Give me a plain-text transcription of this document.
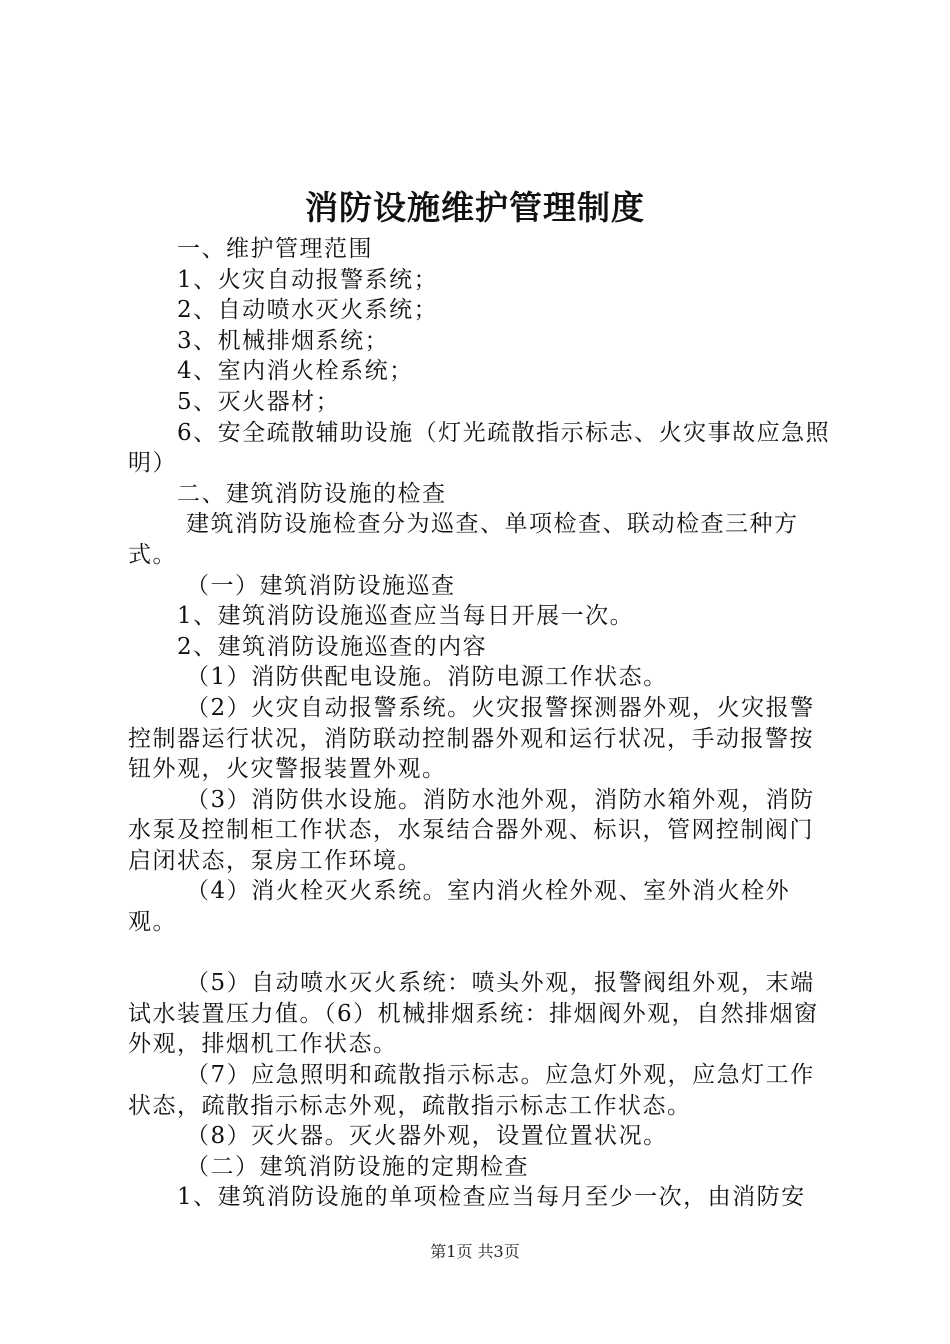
消防设施维护管理制度

一、维护管理范围

1、火灾自动报警系统；

2、自动喷水灭火系统；

3、机械排烟系统；

4、室内消火栓系统；

5、灭火器材；

6、安全疏散辅助设施（灯光疏散指示标志、火灾事故应急照明）

二、建筑消防设施的检查

建筑消防设施检查分为巡查、单项检查、联动检查三种方式。

（一）建筑消防设施巡查

1、建筑消防设施巡查应当每日开展一次。

2、建筑消防设施巡查的内容

（1）消防供配电设施。消防电源工作状态。

（2）火灾自动报警系统。火灾报警探测器外观，火灾报警控制器运行状况，消防联动控制器外观和运行状况，手动报警按钮外观，火灾警报装置外观。

（3）消防供水设施。消防水池外观，消防水箱外观，消防水泵及控制柜工作状态，水泵结合器外观、标识，管网控制阀门启闭状态，泵房工作环境。

（4）消火栓灭火系统。室内消火栓外观、室外消火栓外观。

（5）自动喷水灭火系统：喷头外观，报警阀组外观，末端试水装置压力值。（6）机械排烟系统：排烟阀外观，自然排烟窗外观，排烟机工作状态。

（7）应急照明和疏散指示标志。应急灯外观，应急灯工作状态，疏散指示标志外观，疏散指示标志工作状态。

（8）灭火器。灭火器外观，设置位置状况。

（二）建筑消防设施的定期检查

1、建筑消防设施的单项检查应当每月至少一次，由消防安

第1页 共3页
